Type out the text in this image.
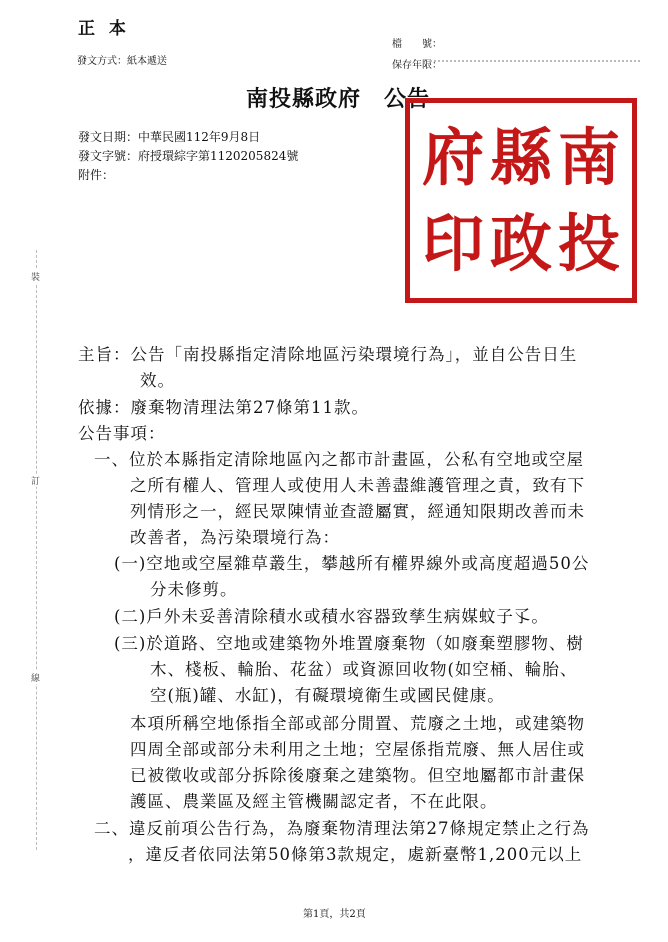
正 本
發文方式：紙本遞送
檔　　號：
保存年限：
南投縣政府　公告
發文日期：中華民國112年9月8日
發文字號：府授環綜字第1120205824號
附件：	南
投
縣
政
府
印
裝
訂
線
主旨：公告「南投縣指定清除地區污染環境行為」，並自公告日生
效。
依據：廢棄物清理法第27條第11款。
公告事項：
一、位於本縣指定清除地區內之都市計畫區，公私有空地或空屋
之所有權人、管理人或使用人未善盡維護管理之責，致有下
列情形之一，經民眾陳情並查證屬實，經通知限期改善而未
改善者，為污染環境行為：
(一)空地或空屋雜草叢生，攀越所有權界線外或高度超過50公
分未修剪。
(二)戶外未妥善清除積水或積水容器致孳生病媒蚊子孓。
(三)於道路、空地或建築物外堆置廢棄物（如廢棄塑膠物、樹
木、棧板、輪胎、花盆）或資源回收物(如空桶、輪胎、
空(瓶)罐、水缸)，有礙環境衛生或國民健康。
本項所稱空地係指全部或部分閒置、荒廢之土地，或建築物
四周全部或部分未利用之土地；空屋係指荒廢、無人居住或
已被徵收或部分拆除後廢棄之建築物。但空地屬都市計畫保
護區、農業區及經主管機關認定者，不在此限。
二、違反前項公告行為，為廢棄物清理法第27條規定禁止之行為
，違反者依同法第50條第3款規定，處新臺幣1,200元以上
第1頁，共2頁
